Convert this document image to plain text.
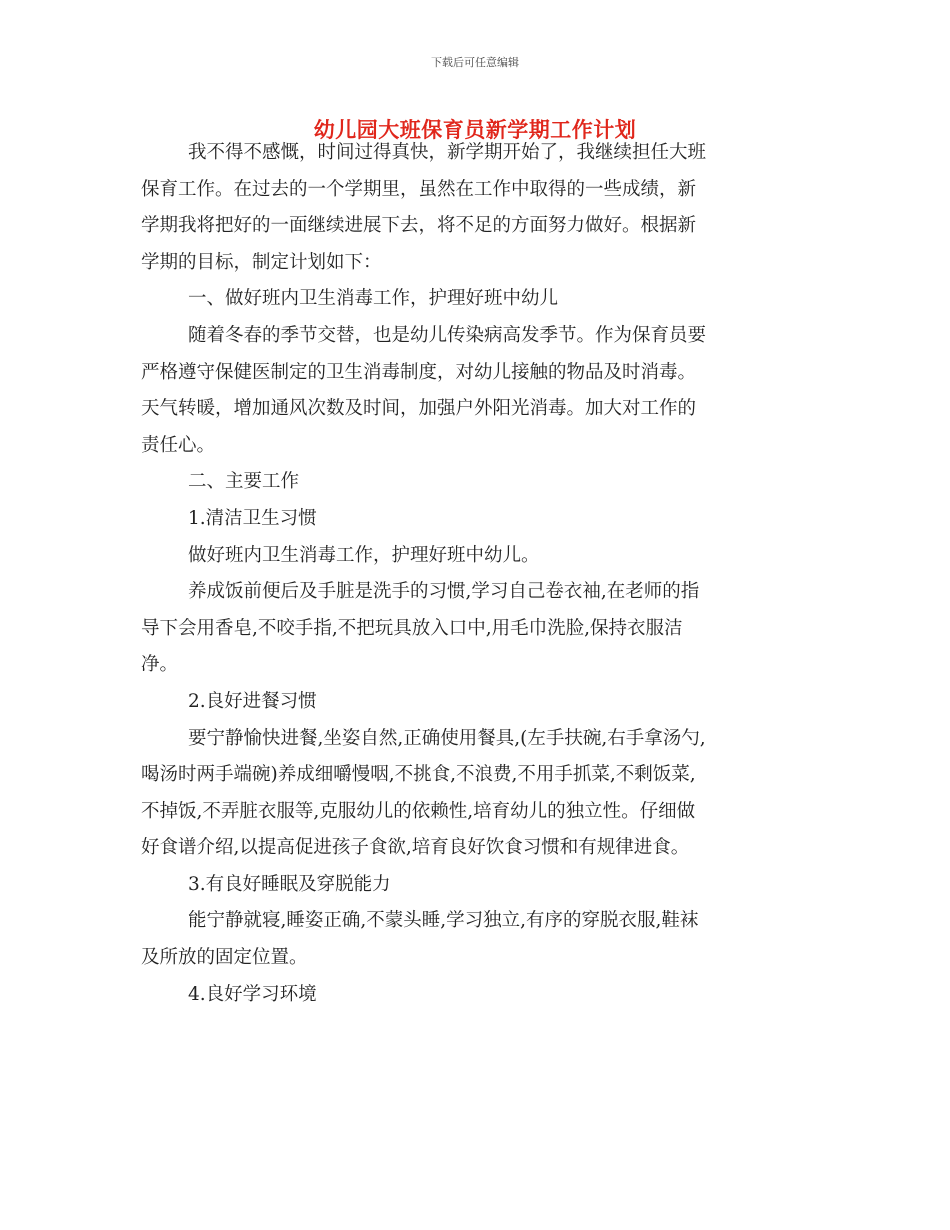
下载后可任意编辑
幼儿园大班保育员新学期工作计划
我不得不感慨，时间过得真快，新学期开始了，我继续担任大班
保育工作。在过去的一个学期里，虽然在工作中取得的一些成绩，新
学期我将把好的一面继续进展下去，将不足的方面努力做好。根据新
学期的目标，制定计划如下：
一、做好班内卫生消毒工作，护理好班中幼儿
随着冬春的季节交替，也是幼儿传染病高发季节。作为保育员要
严格遵守保健医制定的卫生消毒制度，对幼儿接触的物品及时消毒。
天气转暖，增加通风次数及时间，加强户外阳光消毒。加大对工作的
责任心。
二、主要工作
1.清洁卫生习惯
做好班内卫生消毒工作，护理好班中幼儿。
养成饭前便后及手脏是洗手的习惯,学习自己卷衣袖,在老师的指
导下会用香皂,不咬手指,不把玩具放入口中,用毛巾洗脸,保持衣服洁
净。
2.良好进餐习惯
要宁静愉快进餐,坐姿自然,正确使用餐具,(左手扶碗,右手拿汤勺,
喝汤时两手端碗)养成细嚼慢咽,不挑食,不浪费,不用手抓菜,不剩饭菜,
不掉饭,不弄脏衣服等,克服幼儿的依赖性,培育幼儿的独立性。仔细做
好食谱介绍,以提高促进孩子食欲,培育良好饮食习惯和有规律进食。
3.有良好睡眠及穿脱能力
能宁静就寝,睡姿正确,不蒙头睡,学习独立,有序的穿脱衣服,鞋袜
及所放的固定位置。
4.良好学习环境
